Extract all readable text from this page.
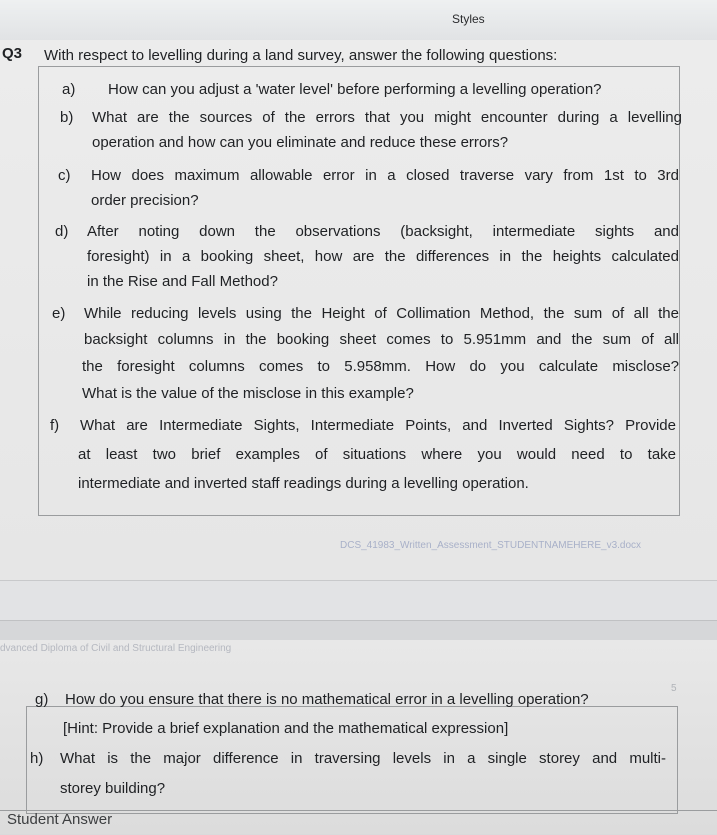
Styles
Q3 With respect to levelling during a land survey, answer the following questions:
a) How can you adjust a 'water level' before performing a levelling operation?
b) What are the sources of the errors that you might encounter during a levelling
operation and how can you eliminate and reduce these errors?
c) How does maximum allowable error in a closed traverse vary from 1st to 3rd
order precision?
d) After noting down the observations (backsight, intermediate sights and
foresight) in a booking sheet, how are the differences in the heights calculated
in the Rise and Fall Method?
e) While reducing levels using the Height of Collimation Method, the sum of all the
backsight columns in the booking sheet comes to 5.951mm and the sum of all
the foresight columns comes to 5.958mm. How do you calculate misclose?
What is the value of the misclose in this example?
f) What are Intermediate Sights, Intermediate Points, and Inverted Sights? Provide
at least two brief examples of situations where you would need to take
intermediate and inverted staff readings during a levelling operation.
DCS_41983_Written_Assessment_STUDENTNAMEHERE_v3.docx
dvanced Diploma of Civil and Structural Engineering
5
g) How do you ensure that there is no mathematical error in a levelling operation?
[Hint: Provide a brief explanation and the mathematical expression]
h) What is the major difference in traversing levels in a single storey and multi-
storey building?
Student Answer
